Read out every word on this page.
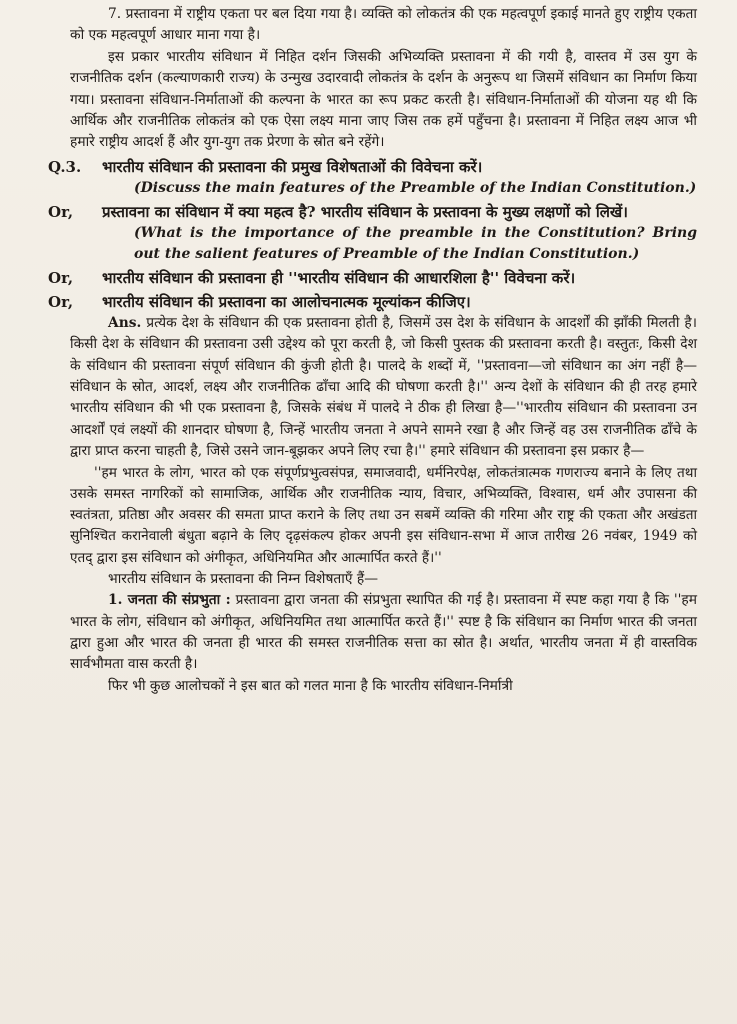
7. प्रस्तावना में राष्ट्रीय एकता पर बल दिया गया है। व्यक्ति को लोकतंत्र की एक महत्वपूर्ण इकाई मानते हुए राष्ट्रीय एकता को एक महत्वपूर्ण आधार माना गया है।

इस प्रकार भारतीय संविधान में निहित दर्शन जिसकी अभिव्यक्ति प्रस्तावना में की गयी है, वास्तव में उस युग के राजनीतिक दर्शन (कल्याणकारी राज्य) के उन्मुख उदारवादी लोकतंत्र के दर्शन के अनुरूप था जिसमें संविधान का निर्माण किया गया। प्रस्तावना संविधान-निर्माताओं की कल्पना के भारत का रूप प्रकट करती है। संविधान-निर्माताओं की योजना यह थी कि आर्थिक और राजनीतिक लोकतंत्र को एक ऐसा लक्ष्य माना जाए जिस तक हमें पहुँचना है। प्रस्तावना में निहित लक्ष्य आज भी हमारे राष्ट्रीय आदर्श हैं और युग-युग तक प्रेरणा के स्रोत बने रहेंगे।

Q.3.	भारतीय संविधान की प्रस्तावना की प्रमुख विशेषताओं की विवेचना करें।

(Discuss the main features of the Preamble of the Indian Constitution.)

Or,	प्रस्तावना का संविधान में क्या महत्व है? भारतीय संविधान के प्रस्तावना के मुख्य लक्षणों को लिखें।

(What is the importance of the preamble in the Constitution? Bring out the salient features of Preamble of the Indian Constitution.)

Or,	भारतीय संविधान की प्रस्तावना ही ''भारतीय संविधान की आधारशिला है'' विवेचना करें।
Or,	भारतीय संविधान की प्रस्तावना का आलोचनात्मक मूल्यांकन कीजिए।

Ans. प्रत्येक देश के संविधान की एक प्रस्तावना होती है, जिसमें उस देश के संविधान के आदर्शों की झाँकी मिलती है। किसी देश के संविधान की प्रस्तावना उसी उद्देश्य को पूरा करती है, जो किसी पुस्तक की प्रस्तावना करती है। वस्तुतः, किसी देश के संविधान की प्रस्तावना संपूर्ण संविधान की कुंजी होती है। पालदे के शब्दों में, ''प्रस्तावना—जो संविधान का अंग नहीं है—संविधान के स्रोत, आदर्श, लक्ष्य और राजनीतिक ढाँचा आदि की घोषणा करती है।'' अन्य देशों के संविधान की ही तरह हमारे भारतीय संविधान की भी एक प्रस्तावना है, जिसके संबंध में पालदे ने ठीक ही लिखा है—''भारतीय संविधान की प्रस्तावना उन आदर्शों एवं लक्ष्यों की शानदार घोषणा है, जिन्हें भारतीय जनता ने अपने सामने रखा है और जिन्हें वह उस राजनीतिक ढाँचे के द्वारा प्राप्त करना चाहती है, जिसे उसने जान-बूझकर अपने लिए रचा है।'' हमारे संविधान की प्रस्तावना इस प्रकार है—

''हम भारत के लोग, भारत को एक संपूर्णप्रभुत्वसंपन्न, समाजवादी, धर्मनिरपेक्ष, लोकतंत्रात्मक गणराज्य बनाने के लिए तथा उसके समस्त नागरिकों को सामाजिक, आर्थिक और राजनीतिक न्याय, विचार, अभिव्यक्ति, विश्वास, धर्म और उपासना की स्वतंत्रता, प्रतिष्ठा और अवसर की समता प्राप्त कराने के लिए तथा उन सबमें व्यक्ति की गरिमा और राष्ट्र की एकता और अखंडता सुनिश्चित करानेवाली बंधुता बढ़ाने के लिए दृढ़संकल्प होकर अपनी इस संविधान-सभा में आज तारीख 26 नवंबर, 1949 को एतद् द्वारा इस संविधान को अंगीकृत, अधिनियमित और आत्मार्पित करते हैं।''

भारतीय संविधान के प्रस्तावना की निम्न विशेषताएँ हैं—

1. जनता की संप्रभुता : प्रस्तावना द्वारा जनता की संप्रभुता स्थापित की गई है। प्रस्तावना में स्पष्ट कहा गया है कि ''हम भारत के लोग, संविधान को अंगीकृत, अधिनियमित तथा आत्मार्पित करते हैं।'' स्पष्ट है कि संविधान का निर्माण भारत की जनता द्वारा हुआ और भारत की जनता ही भारत की समस्त राजनीतिक सत्ता का स्रोत है। अर्थात, भारतीय जनता में ही वास्तविक सार्वभौमता वास करती है।

फिर भी कुछ आलोचकों ने इस बात को गलत माना है कि भारतीय संविधान-निर्मात्री
